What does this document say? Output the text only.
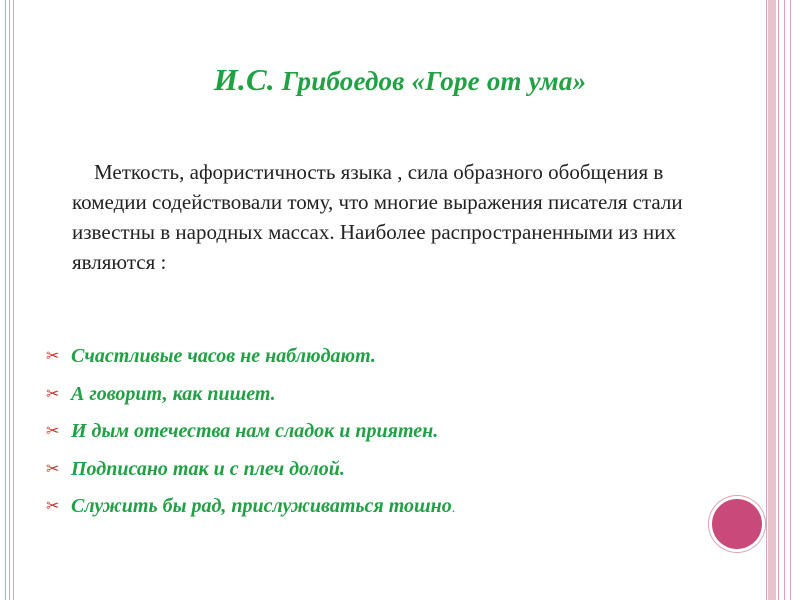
И.С. Грибоедов «Горе от ума»
Меткость, афористичность языка , сила образного обобщения в комедии содействовали тому, что многие выражения писателя стали известны в народных массах. Наиболее распространенными из них являются :
✂ Счастливые часов не наблюдают.
✂ А говорит, как пишет.
✂ И дым отечества нам сладок и приятен.
✂ Подписано так и с плеч долой.
✂ Служить бы рад, прислуживаться тошно.
